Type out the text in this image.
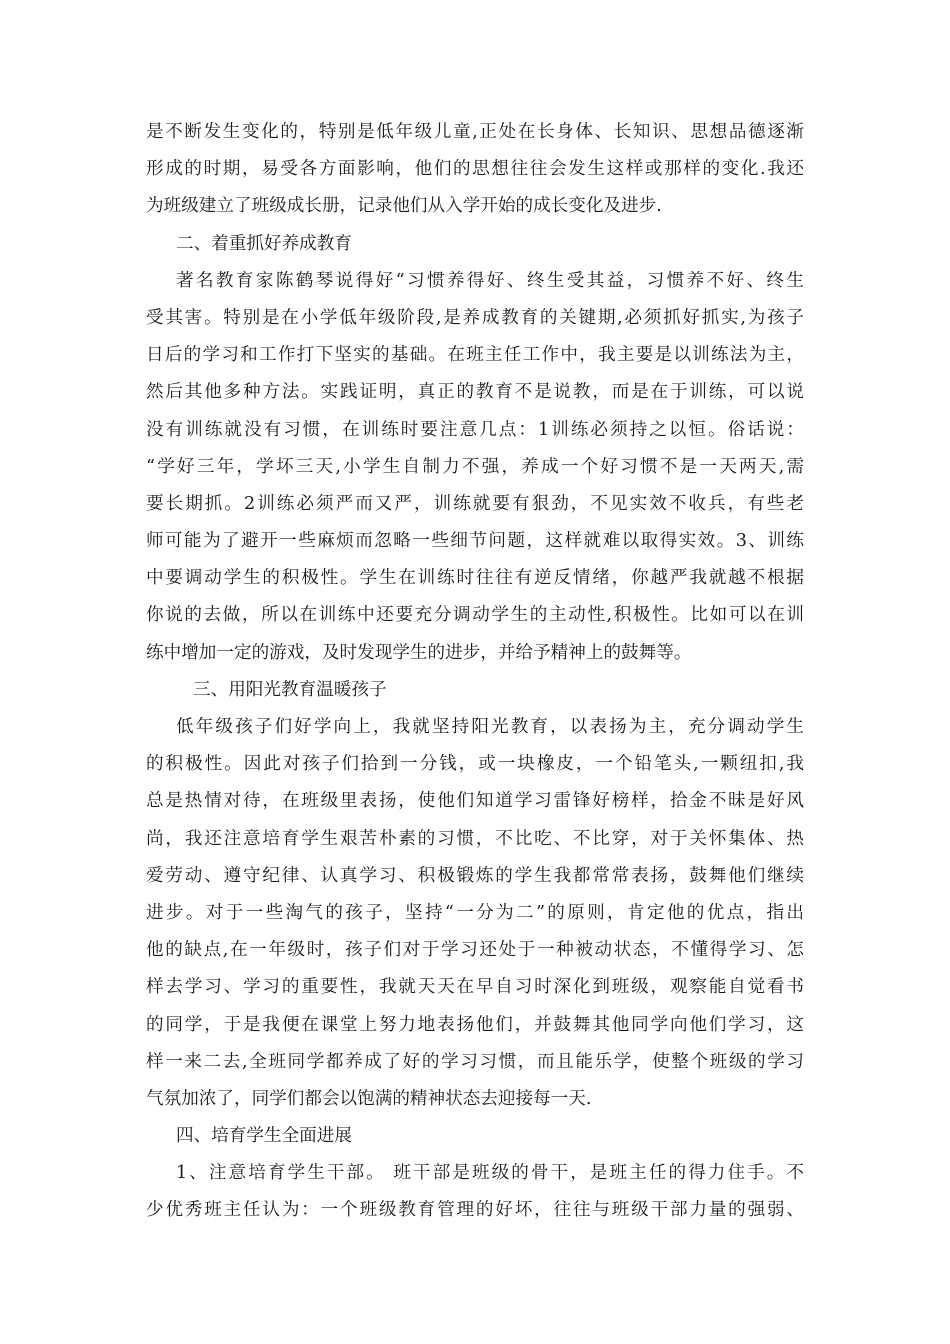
是不断发生变化的，特别是低年级儿童,正处在长身体、长知识、思想品德逐渐
形成的时期，易受各方面影响，他们的思想往往会发生这样或那样的变化.我还
为班级建立了班级成长册，记录他们从入学开始的成长变化及进步.
二、着重抓好养成教育
著名教育家陈鹤琴说得好“习惯养得好、终生受其益，习惯养不好、终生
受其害。特别是在小学低年级阶段,是养成教育的关键期,必须抓好抓实,为孩子
日后的学习和工作打下坚实的基础。在班主任工作中，我主要是以训练法为主，
然后其他多种方法。实践证明，真正的教育不是说教，而是在于训练，可以说
没有训练就没有习惯，在训练时要注意几点：1训练必须持之以恒。俗话说：
“学好三年，学坏三天,小学生自制力不强，养成一个好习惯不是一天两天,需
要长期抓。2训练必须严而又严，训练就要有狠劲，不见实效不收兵，有些老
师可能为了避开一些麻烦而忽略一些细节问题，这样就难以取得实效。3、训练
中要调动学生的积极性。学生在训练时往往有逆反情绪，你越严我就越不根据
你说的去做，所以在训练中还要充分调动学生的主动性,积极性。比如可以在训
练中增加一定的游戏，及时发现学生的进步，并给予精神上的鼓舞等。
三、用阳光教育温暖孩子
低年级孩子们好学向上，我就坚持阳光教育，以表扬为主，充分调动学生
的积极性。因此对孩子们拾到一分钱，或一块橡皮，一个铅笔头,一颗纽扣,我
总是热情对待，在班级里表扬，使他们知道学习雷锋好榜样，拾金不昧是好风
尚，我还注意培育学生艰苦朴素的习惯，不比吃、不比穿，对于关怀集体、热
爱劳动、遵守纪律、认真学习、积极锻炼的学生我都常常表扬，鼓舞他们继续
进步。对于一些淘气的孩子，坚持“一分为二”的原则，肯定他的优点，指出
他的缺点,在一年级时，孩子们对于学习还处于一种被动状态，不懂得学习、怎
样去学习、学习的重要性，我就天天在早自习时深化到班级，观察能自觉看书
的同学，于是我便在课堂上努力地表扬他们，并鼓舞其他同学向他们学习，这
样一来二去,全班同学都养成了好的学习习惯，而且能乐学，使整个班级的学习
气氛加浓了，同学们都会以饱满的精神状态去迎接每一天.
四、培育学生全面进展
1、注意培育学生干部。 班干部是班级的骨干，是班主任的得力住手。不
少优秀班主任认为：一个班级教育管理的好坏，往往与班级干部力量的强弱、
